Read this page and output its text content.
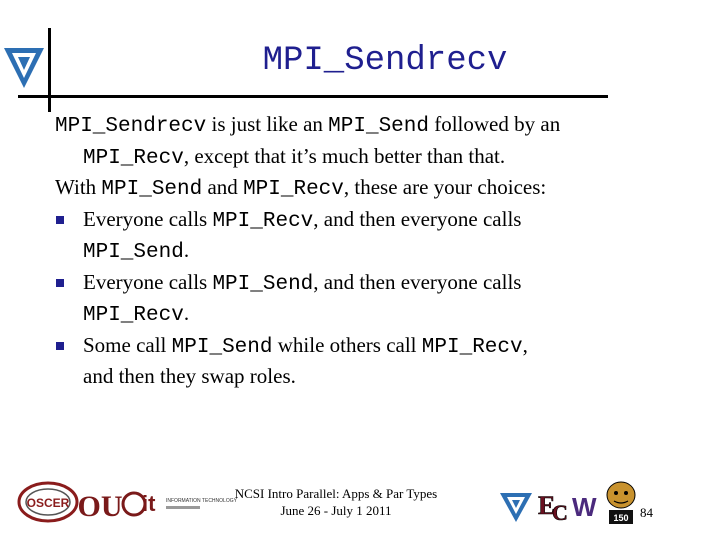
MPI_Sendrecv

MPI_Sendrecv is just like an MPI_Send followed by an
MPI_Recv, except that it’s much better than that.

With MPI_Send and MPI_Recv, these are your choices:

Everyone calls MPI_Recv, and then everyone calls
MPI_Send.
Everyone calls MPI_Send, and then everyone calls
MPI_Recv.
Some call MPI_Send while others call MPI_Recv,
and then they swap roles.
NCSI Intro Parallel: Apps & Par Types
June 26 - July 1 2011	84
OSCER OU it INFORMATION TECHNOLOGY	E
C W 150
